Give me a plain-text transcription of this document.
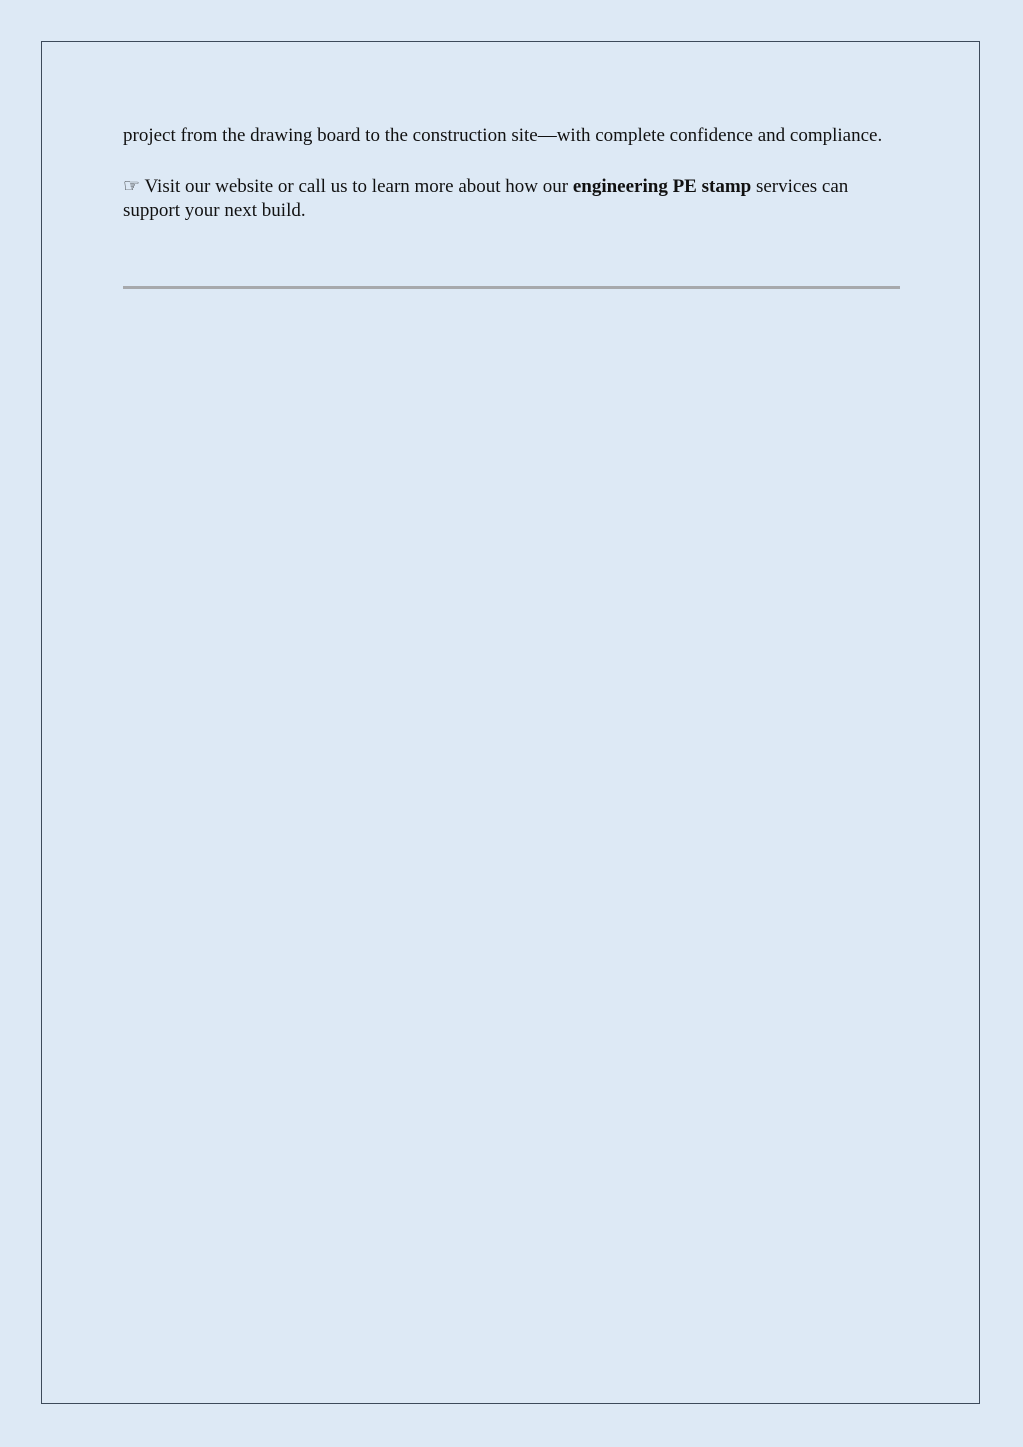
project from the drawing board to the construction site—with complete confidence and compliance.

☞ Visit our website or call us to learn more about how our engineering PE stamp services can support your next build.
